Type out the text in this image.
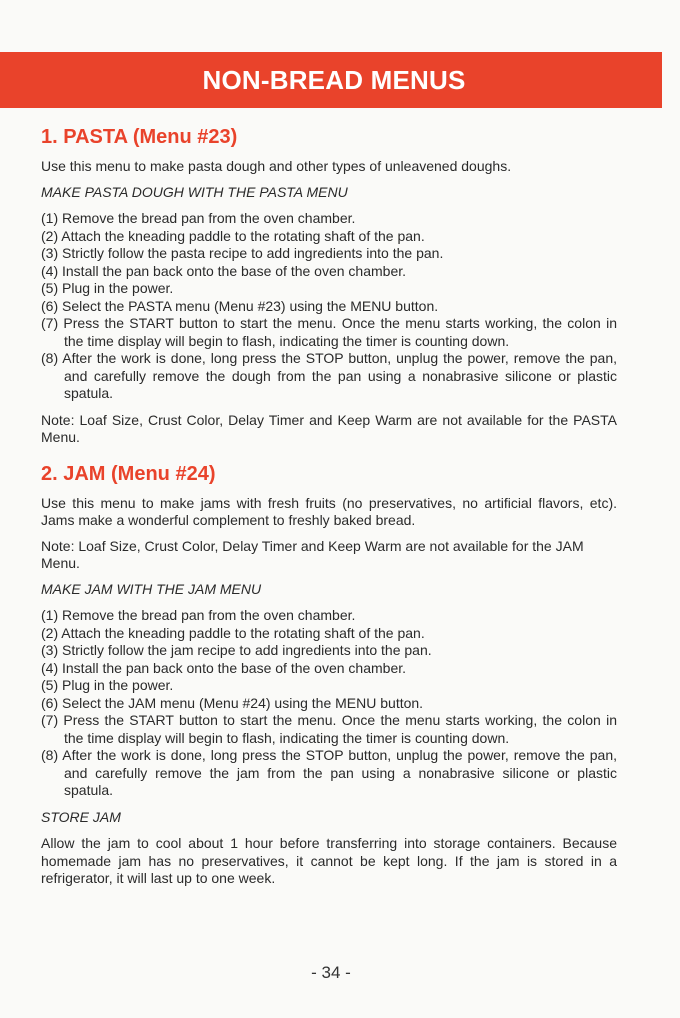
NON-BREAD MENUS
1. PASTA (Menu #23)

Use this menu to make pasta dough and other types of unleavened doughs.

MAKE PASTA DOUGH WITH THE PASTA MENU

(1) Remove the bread pan from the oven chamber.
(2) Attach the kneading paddle to the rotating shaft of the pan.
(3) Strictly follow the pasta recipe to add ingredients into the pan.
(4) Install the pan back onto the base of the oven chamber.
(5) Plug in the power.
(6) Select the PASTA menu (Menu #23) using the MENU button.
(7) Press the START button to start the menu. Once the menu starts working, the colon in the time display will begin to flash, indicating the timer is counting down.
(8) After the work is done, long press the STOP button, unplug the power, remove the pan, and carefully remove the dough from the pan using a nonabrasive silicone or plastic spatula.

Note: Loaf Size, Crust Color, Delay Timer and Keep Warm are not available for the PASTA Menu.

2. JAM (Menu #24)

Use this menu to make jams with fresh fruits (no preservatives, no artificial flavors, etc). Jams make a wonderful complement to freshly baked bread.

Note: Loaf Size, Crust Color, Delay Timer and Keep Warm are not available for the JAM Menu.

MAKE JAM WITH THE JAM MENU

(1) Remove the bread pan from the oven chamber.
(2) Attach the kneading paddle to the rotating shaft of the pan.
(3) Strictly follow the jam recipe to add ingredients into the pan.
(4) Install the pan back onto the base of the oven chamber.
(5) Plug in the power.
(6) Select the JAM menu (Menu #24) using the MENU button.
(7) Press the START button to start the menu. Once the menu starts working, the colon in the time display will begin to flash, indicating the timer is counting down.
(8) After the work is done, long press the STOP button, unplug the power, remove the pan, and carefully remove the jam from the pan using a nonabrasive silicone or plastic spatula.

STORE JAM

Allow the jam to cool about 1 hour before transferring into storage containers. Because homemade jam has no preservatives, it cannot be kept long. If the jam is stored in a refrigerator, it will last up to one week.

- 34 -
